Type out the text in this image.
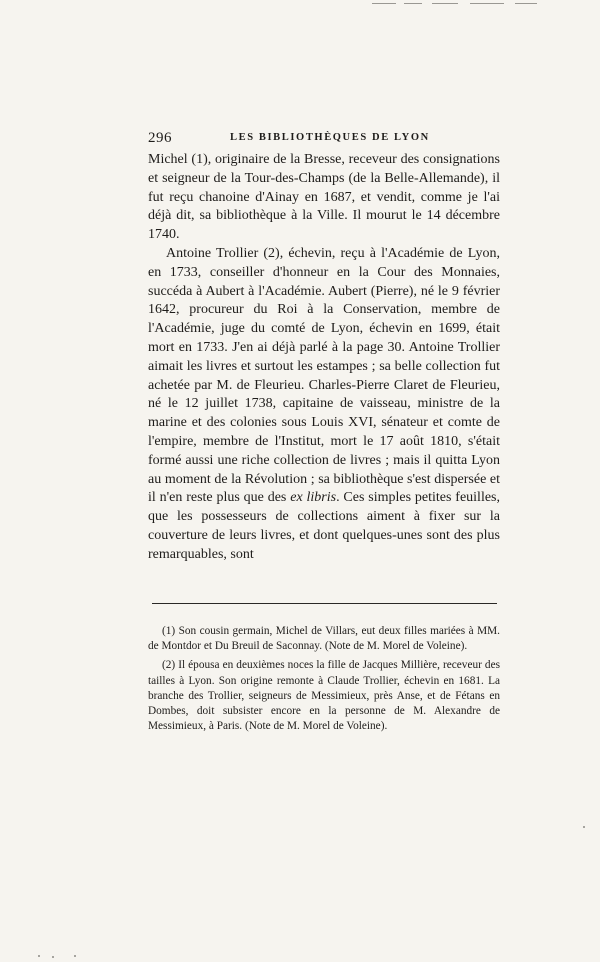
296	LES BIBLIOTHÈQUES DE LYON

Michel (1), originaire de la Bresse, receveur des consignations et seigneur de la Tour-des-Champs (de la Belle-Allemande), il fut reçu chanoine d'Ainay en 1687, et vendit, comme je l'ai déjà dit, sa bibliothèque à la Ville. Il mourut le 14 décembre 1740.

Antoine Trollier (2), échevin, reçu à l'Académie de Lyon, en 1733, conseiller d'honneur en la Cour des Monnaies, succéda à Aubert à l'Académie. Aubert (Pierre), né le 9 février 1642, procureur du Roi à la Conservation, membre de l'Académie, juge du comté de Lyon, échevin en 1699, était mort en 1733. J'en ai déjà parlé à la page 30. Antoine Trollier aimait les livres et surtout les estampes ; sa belle collection fut achetée par M. de Fleurieu. Charles-Pierre Claret de Fleurieu, né le 12 juillet 1738, capitaine de vaisseau, ministre de la marine et des colonies sous Louis XVI, sénateur et comte de l'empire, membre de l'Institut, mort le 17 août 1810, s'était formé aussi une riche collection de livres ; mais il quitta Lyon au moment de la Révolution ; sa bibliothèque s'est dispersée et il n'en reste plus que des ex libris. Ces simples petites feuilles, que les possesseurs de collections aiment à fixer sur la couverture de leurs livres, et dont quelques-unes sont des plus remarquables, sont

(1) Son cousin germain, Michel de Villars, eut deux filles mariées à MM. de Montdor et Du Breuil de Saconnay. (Note de M. Morel de Voleine).

(2) Il épousa en deuxièmes noces la fille de Jacques Millière, receveur des tailles à Lyon. Son origine remonte à Claude Trollier, échevin en 1681. La branche des Trollier, seigneurs de Messimieux, près Anse, et de Fétans en Dombes, doit subsister encore en la personne de M. Alexandre de Messimieux, à Paris. (Note de M. Morel de Voleine).
